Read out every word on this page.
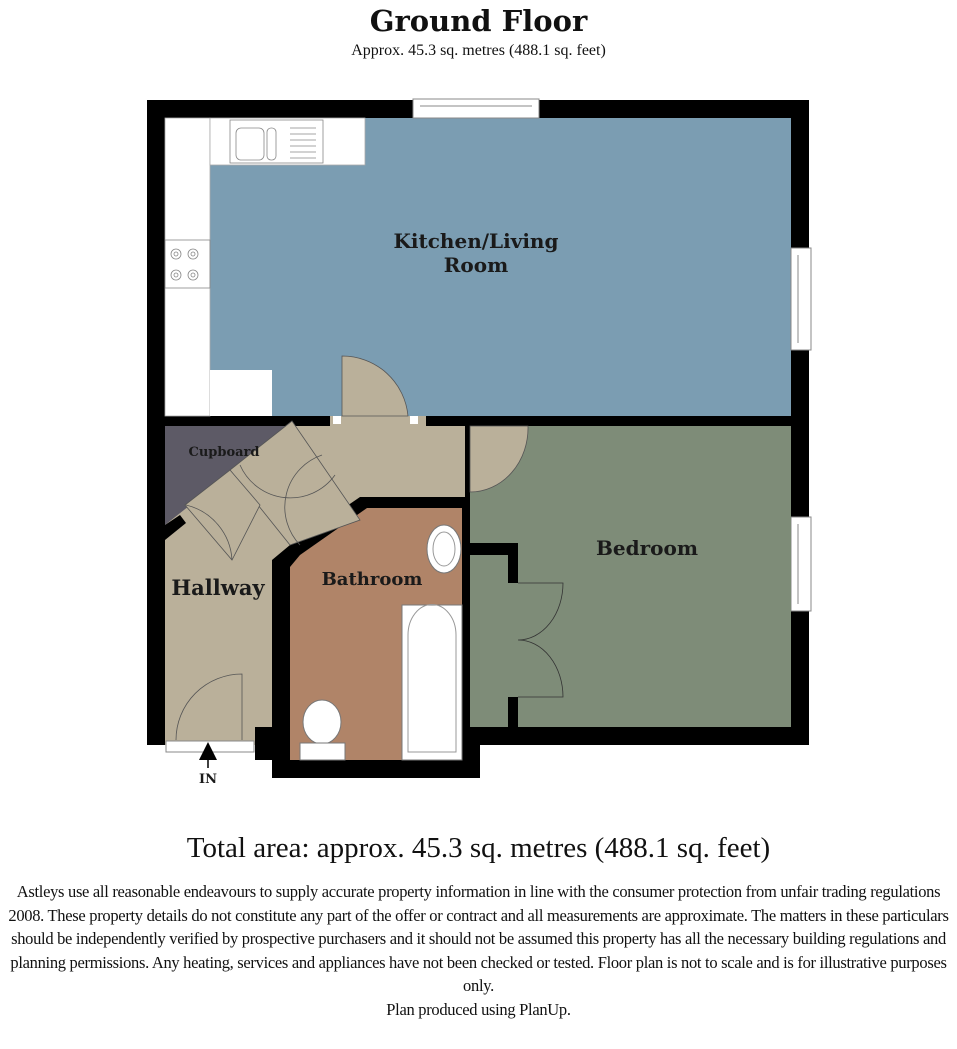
Ground Floor
Approx. 45.3 sq. metres (488.1 sq. feet)
Kitchen/Living
Room
Bedroom
Bathroom
Hallway
Cupboard
IN
Total area: approx. 45.3 sq. metres (488.1 sq. feet)
Astleys use all reasonable endeavours to supply accurate property information in line with the consumer protection from unfair trading regulations 2008. These property details do not constitute any part of the offer or contract and all measurements are approximate. The matters in these particulars should be independently verified by prospective purchasers and it should not be assumed this property has all the necessary building regulations and planning permissions. Any heating, services and appliances have not been checked or tested. Floor plan is not to scale and is for illustrative purposes only.
Plan produced using PlanUp.
